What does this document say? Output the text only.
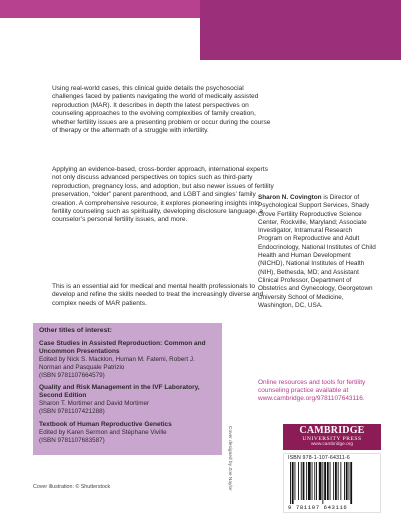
Using real-world cases, this clinical guide details the psychosocial challenges faced by patients navigating the world of medically assisted reproduction (MAR). It describes in depth the latest perspectives on counseling approaches to the evolving complexities of family creation, whether fertility issues are a presenting problem or occur during the course of therapy or the aftermath of a struggle with infertility.

Applying an evidence-based, cross-border approach, international experts not only discuss advanced perspectives on topics such as third-party reproduction, pregnancy loss, and adoption, but also newer issues of fertility preservation, “older” parent parenthood, and LGBT and singles’ family creation. A comprehensive resource, it explores pioneering insights into fertility counseling such as spirituality, developing disclosure language, a counselor’s personal fertility issues, and more.

This is an essential aid for medical and mental health professionals to develop and refine the skills needed to treat the increasingly diverse and complex needs of MAR patients.

Sharon N. Covington is Director of Psychological Support Services, Shady Grove Fertility Reproductive Science Center, Rockville, Maryland; Associate Investigator, Intramural Research Program on Reproductive and Adult Endocrinology, National Institutes of Child Health and Human Development (NICHD), National Institutes of Health (NIH), Bethesda, MD; and Assistant Clinical Professor, Department of Obstetrics and Gynecology, Georgetown University School of Medicine, Washington, DC, USA.

Other titles of interest:

Case Studies in Assisted Reproduction: Common and Uncommon Presentations

Edited by Nick S. Macklon, Human M. Fatemi, Robert J. Norman and Pasquale Patrizio

(ISBN 9781107664579)

Quality and Risk Management in the IVF Laboratory, Second Edition

Sharon T. Mortimer and David Mortimer

(ISBN 9781107421288)

Textbook of Human Reproductive Genetics

Edited by Karen Sermon and Stéphane Viville

(ISBN 9781107683587)

Online resources and tools for fertility counseling practice available at www.cambridge.org/9781107643116.

Cover illustration: © Shutterstock	Cover designed by Zoe Naylor	CAMBRIDGE
UNIVERSITY PRESS
www.cambridge.org

ISBN 978-1-107-64311-6

9 781107 643116
